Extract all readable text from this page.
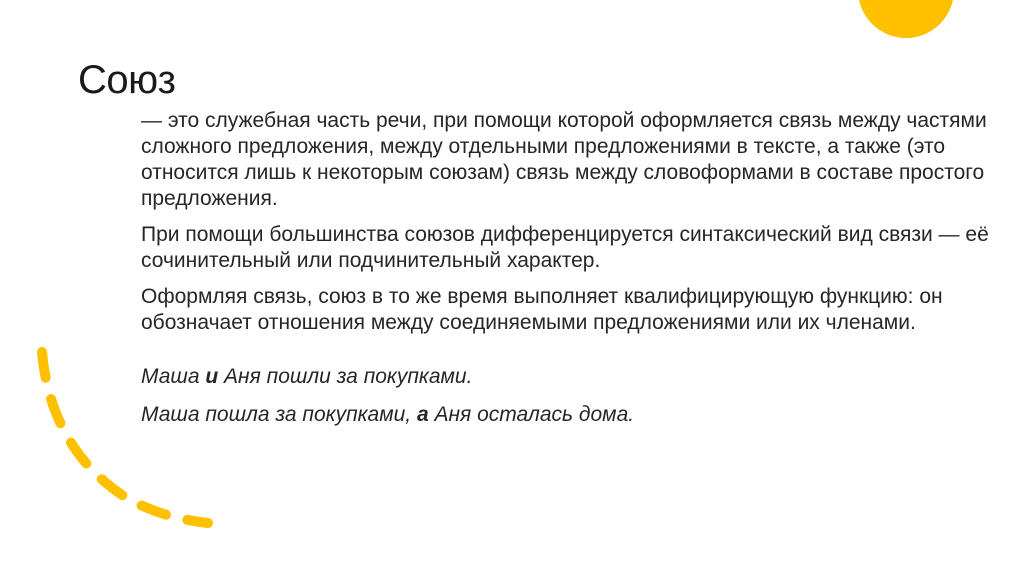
Союз

— это служебная часть речи, при помощи которой оформляется связь между частями сложного предложения, между отдельными предложениями в тексте, а также (это относится лишь к некоторым союзам) связь между словоформами в составе простого предложения.

При помощи большинства союзов дифференцируется синтаксический вид связи — её сочинительный или подчинительный характер.

Оформляя связь, союз в то же время выполняет квалифицирующую функцию: он обозначает отношения между соединяемыми предложениями или их членами.

Маша и Аня пошли за покупками.

Маша пошла за покупками, а Аня осталась дома.
